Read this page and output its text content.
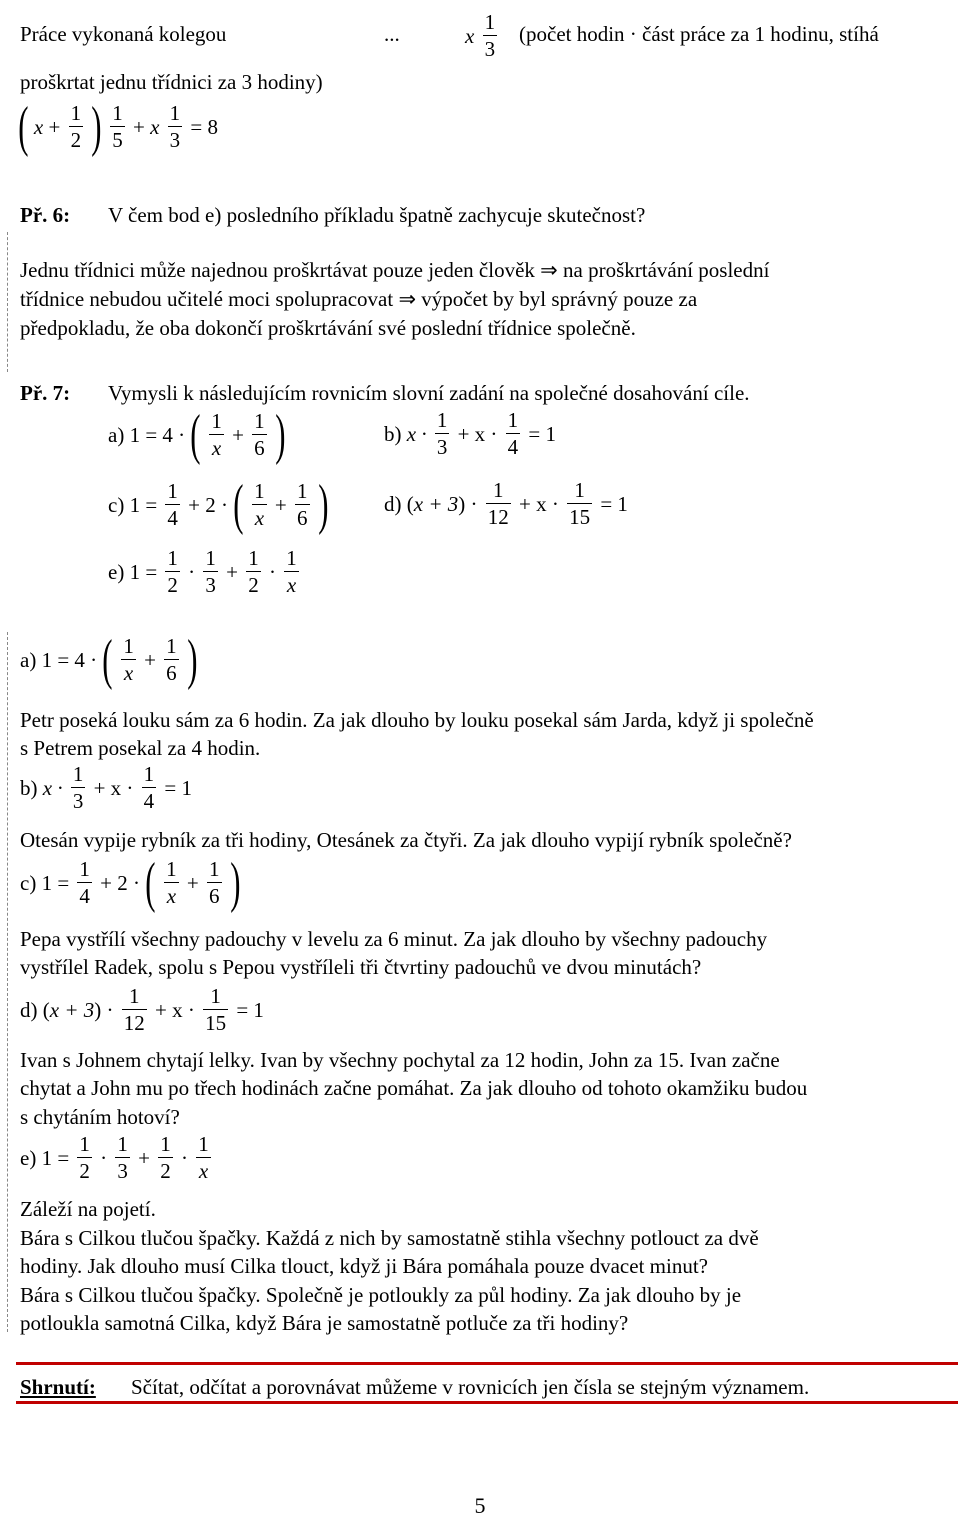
Práce vykonaná kolegou	...	x $\frac{1}{3}$ (počet hodin · část práce za 1 hodinu, stíhá
proškrtat jednu třídnici za 3 hodiny)
( $x + \frac{1}{2}$ ) $\frac{1}{5} + x \frac{1}{3} = 8$
Př. 6: V čem bod e) posledního příkladu špatně zachycuje skutečnost?
Jednu třídnici může najednou proškrtávat pouze jeden člověk ⇒ na proškrtávání poslední
třídnice nebudou učitelé moci spolupracovat ⇒ výpočet by byl správný pouze za
předpokladu, že oba dokončí proškrtávání své poslední třídnice společně.
Př. 7: Vymysli k následujícím rovnicím slovní zadání na společné dosahování cíle.
a) 1 = 4 · ( $\frac{1}{x} + \frac{1}{6}$ )	b) $x \cdot \frac{1}{3} + x \cdot \frac{1}{4} = 1$
c) $1 = \frac{1}{4} + 2$ · ( $\frac{1}{x} + \frac{1}{6}$ )	d) $(x + 3) \cdot \frac{1}{12} + x \cdot \frac{1}{15} = 1$
e) $1 = \frac{1}{2} \cdot \frac{1}{3} + \frac{1}{2} \cdot \frac{1}{x}$
a) 1 = 4 · ( $\frac{1}{x} + \frac{1}{6}$ )
Petr poseká louku sám za 6 hodin. Za jak dlouho by louku posekal sám Jarda, když ji společně
s Petrem posekal za 4 hodin.
b) $x \cdot \frac{1}{3} + x \cdot \frac{1}{4} = 1$
Otesán vypije rybník za tři hodiny, Otesánek za čtyři. Za jak dlouho vypijí rybník společně?
c) $1 = \frac{1}{4} + 2$ · ( $\frac{1}{x} + \frac{1}{6}$ )
Pepa vystřílí všechny padouchy v levelu za 6 minut. Za jak dlouho by všechny padouchy
vystřílel Radek, spolu s Pepou vystříleli tři čtvrtiny padouchů ve dvou minutách?
d) $(x + 3) \cdot \frac{1}{12} + x \cdot \frac{1}{15} = 1$
Ivan s Johnem chytají lelky. Ivan by všechny pochytal za 12 hodin, John za 15. Ivan začne
chytat a John mu po třech hodinách začne pomáhat. Za jak dlouho od tohoto okamžiku budou
s chytáním hotoví?
e) $1 = \frac{1}{2} \cdot \frac{1}{3} + \frac{1}{2} \cdot \frac{1}{x}$
Záleží na pojetí.
Bára s Cilkou tlučou špačky. Každá z nich by samostatně stihla všechny potlouct za dvě
hodiny. Jak dlouho musí Cilka tlouct, když ji Bára pomáhala pouze dvacet minut?
Bára s Cilkou tlučou špačky. Společně je potloukly za půl hodiny. Za jak dlouho by je
potloukla samotná Cilka, když Bára je samostatně potluče za tři hodiny?
Shrnutí: Sčítat, odčítat a porovnávat můžeme v rovnicích jen čísla se stejným významem.
5
